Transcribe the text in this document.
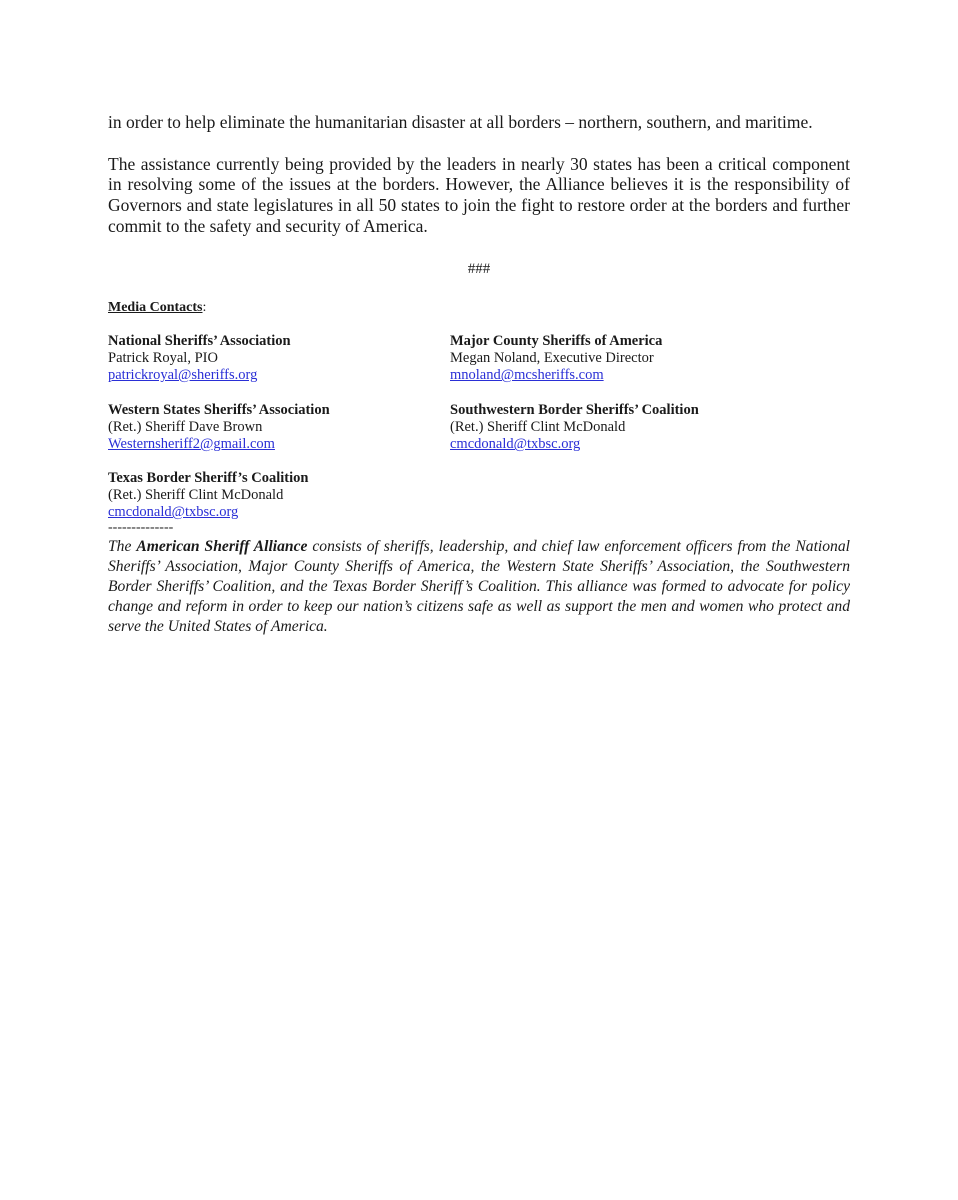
in order to help eliminate the humanitarian disaster at all borders – northern, southern, and maritime.

The assistance currently being provided by the leaders in nearly 30 states has been a critical component in resolving some of the issues at the borders. However, the Alliance believes it is the responsibility of Governors and state legislatures in all 50 states to join the fight to restore order at the borders and further commit to the safety and security of America.

###
Media Contacts:
National Sheriffs’ Association
Patrick Royal, PIO
patrickroyal@sheriffs.org
Major County Sheriffs of America
Megan Noland, Executive Director
mnoland@mcsheriffs.com
Western States Sheriffs’ Association
(Ret.) Sheriff Dave Brown
Westernsheriff2@gmail.com
Southwestern Border Sheriffs’ Coalition
(Ret.) Sheriff Clint McDonald
cmcdonald@txbsc.org
Texas Border Sheriff’s Coalition
(Ret.) Sheriff Clint McDonald
cmcdonald@txbsc.org
--------------

The American Sheriff Alliance consists of sheriffs, leadership, and chief law enforcement officers from the National Sheriffs’ Association, Major County Sheriffs of America, the Western State Sheriffs’ Association, the Southwestern Border Sheriffs’ Coalition, and the Texas Border Sheriff’s Coalition. This alliance was formed to advocate for policy change and reform in order to keep our nation’s citizens safe as well as support the men and women who protect and serve the United States of America.
